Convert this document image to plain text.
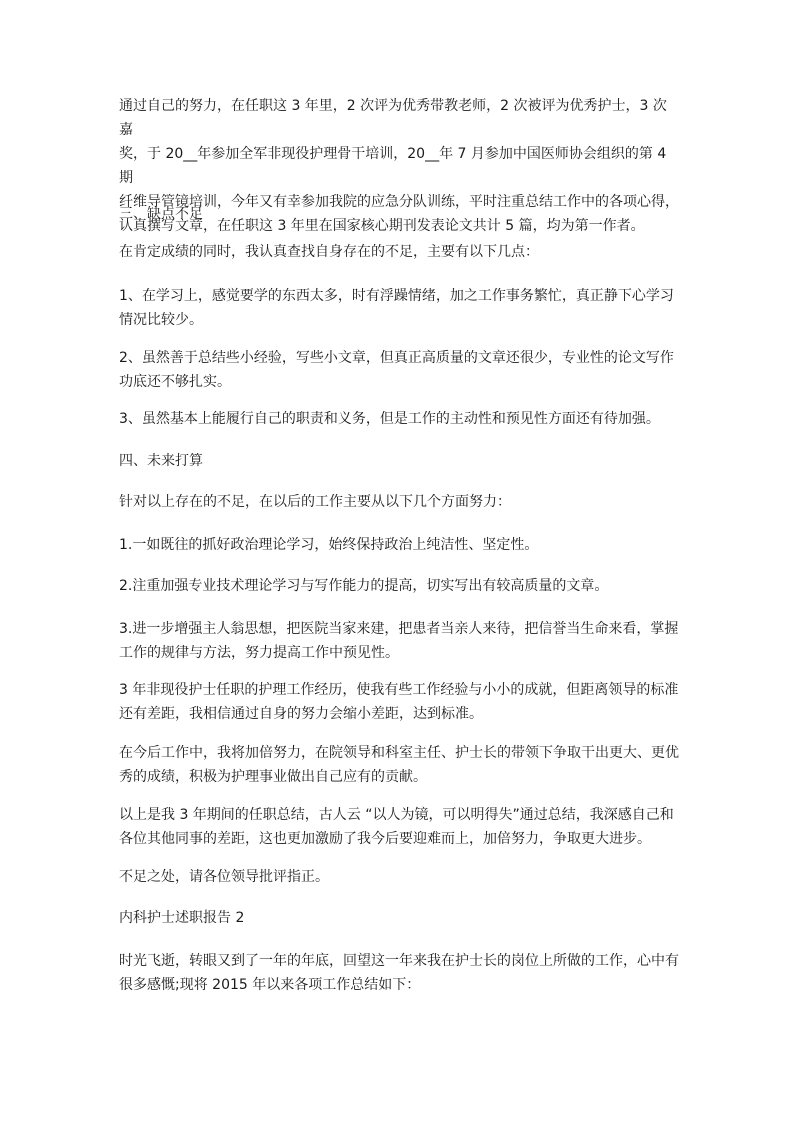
通过自己的努力，在任职这 3 年里，2 次评为优秀带教老师，2 次被评为优秀护士，3 次嘉
奖，于 20__年参加全军非现役护理骨干培训，20__年 7 月参加中国医师协会组织的第 4 期
纤维导管镜培训，今年又有幸参加我院的应急分队训练，平时注重总结工作中的各项心得，
认真撰写文章，在任职这 3 年里在国家核心期刊发表论文共计 5 篇，均为第一作者。

三、缺点不足

在肯定成绩的同时，我认真查找自身存在的不足，主要有以下几点：

1、在学习上，感觉要学的东西太多，时有浮躁情绪，加之工作事务繁忙，真正静下心学习
情况比较少。

2、虽然善于总结些小经验，写些小文章，但真正高质量的文章还很少，专业性的论文写作
功底还不够扎实。

3、虽然基本上能履行自己的职责和义务，但是工作的主动性和预见性方面还有待加强。

四、未来打算

针对以上存在的不足，在以后的工作主要从以下几个方面努力：

1.一如既往的抓好政治理论学习，始终保持政治上纯洁性、坚定性。

2.注重加强专业技术理论学习与写作能力的提高，切实写出有较高质量的文章。

3.进一步增强主人翁思想，把医院当家来建，把患者当亲人来待，把信誉当生命来看，掌握
工作的规律与方法，努力提高工作中预见性。

3 年非现役护士任职的护理工作经历，使我有些工作经验与小小的成就，但距离领导的标准
还有差距，我相信通过自身的努力会缩小差距，达到标准。

在今后工作中，我将加倍努力，在院领导和科室主任、护士长的带领下争取干出更大、更优
秀的成绩，积极为护理事业做出自己应有的贡献。

以上是我 3 年期间的任职总结，古人云 “以人为镜，可以明得失”通过总结，我深感自己和
各位其他同事的差距，这也更加激励了我今后要迎难而上，加倍努力，争取更大进步。

不足之处，请各位领导批评指正。

内科护士述职报告 2

时光飞逝，转眼又到了一年的年底，回望这一年来我在护士长的岗位上所做的工作，心中有
很多感慨;现将 2015 年以来各项工作总结如下：
